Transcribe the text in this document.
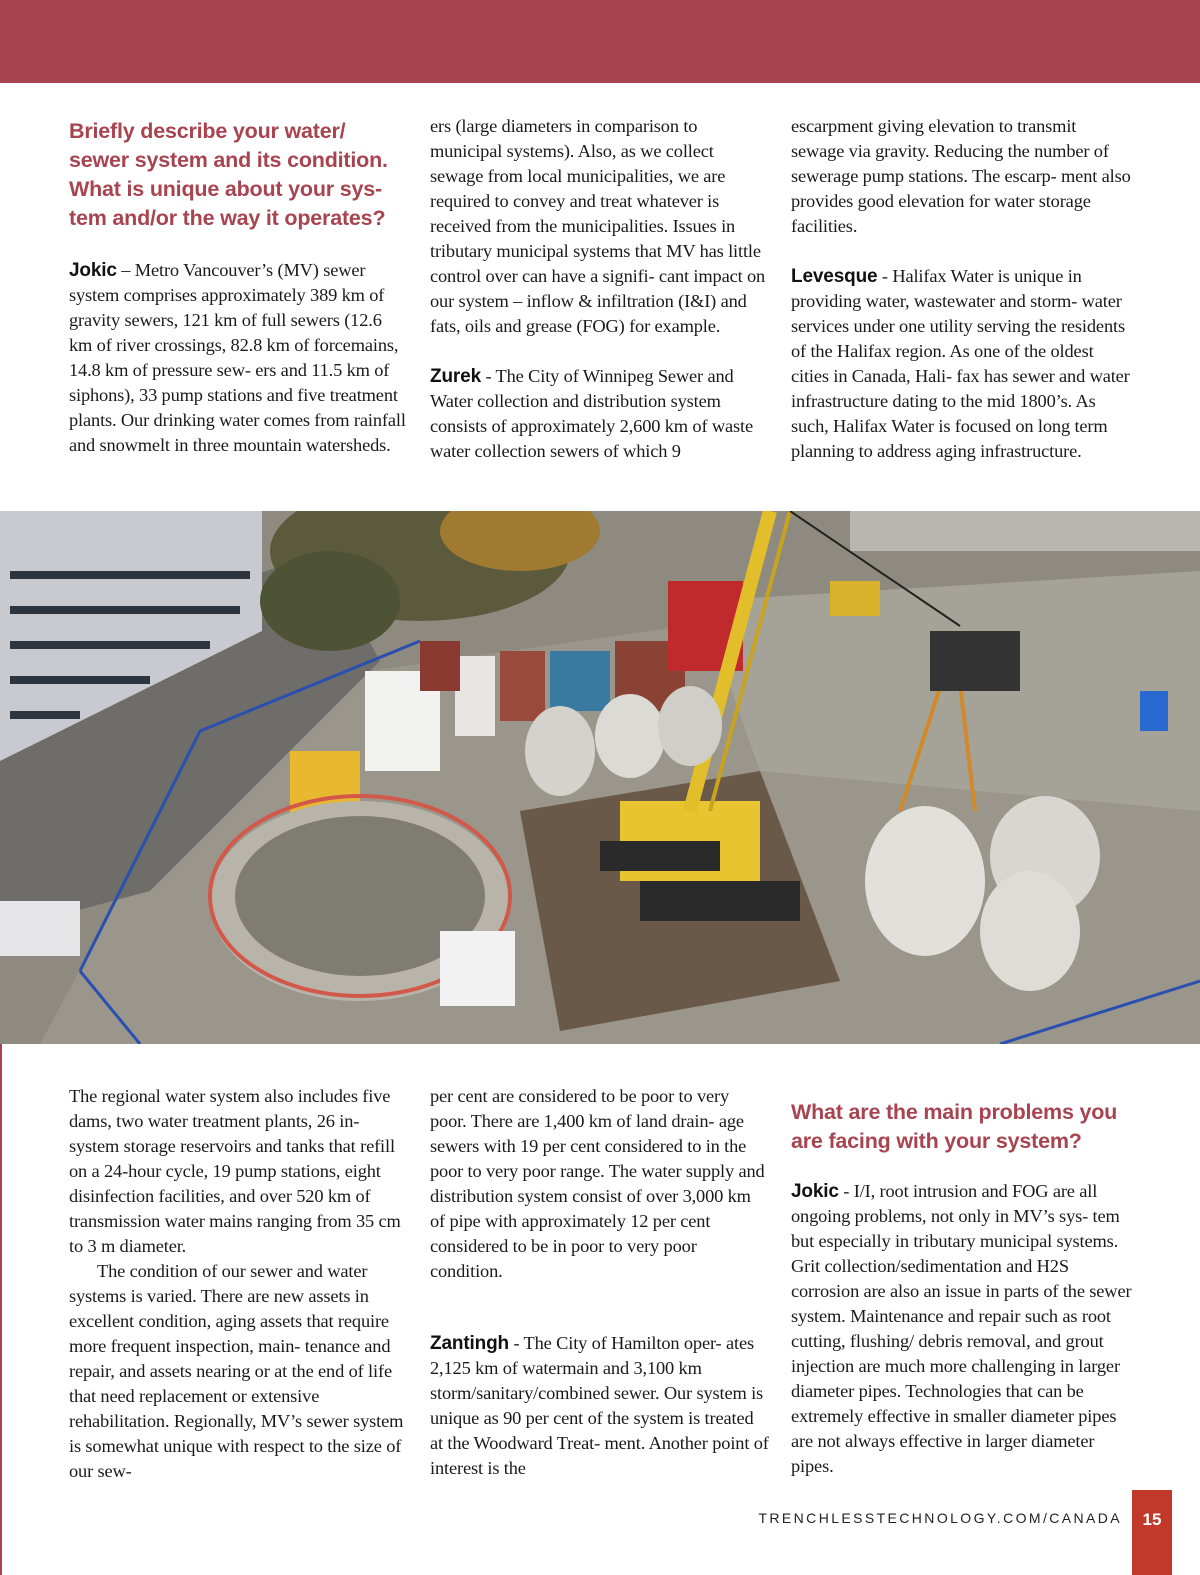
Briefly describe your water/ sewer system and its condition. What is unique about your sys- tem and/or the way it operates?

Jokic – Metro Vancouver’s (MV) sewer system comprises approximately 389 km of gravity sewers, 121 km of full sewers (12.6 km of river crossings, 82.8 km of forcemains, 14.8 km of pressure sew- ers and 11.5 km of siphons), 33 pump stations and five treatment plants. Our drinking water comes from rainfall and snowmelt in three mountain watersheds.

ers (large diameters in comparison to municipal systems). Also, as we collect sewage from local municipalities, we are required to convey and treat whatever is received from the municipalities. Issues in tributary municipal systems that MV has little control over can have a signifi- cant impact on our system – inflow & infiltration (I&I) and fats, oils and grease (FOG) for example.

Zurek - The City of Winnipeg Sewer and Water collection and distribution system consists of approximately 2,600 km of waste water collection sewers of which 9

escarpment giving elevation to transmit sewage via gravity. Reducing the number of sewerage pump stations. The escarp- ment also provides good elevation for water storage facilities.

Levesque - Halifax Water is unique in providing water, wastewater and storm- water services under one utility serving the residents of the Halifax region. As one of the oldest cities in Canada, Hali- fax has sewer and water infrastructure dating to the mid 1800’s. As such, Halifax Water is focused on long term planning to address aging infrastructure.

The regional water system also includes five dams, two water treatment plants, 26 in-system storage reservoirs and tanks that refill on a 24-hour cycle, 19 pump stations, eight disinfection facilities, and over 520 km of transmission water mains ranging from 35 cm to 3 m diameter.

The condition of our sewer and water systems is varied. There are new assets in excellent condition, aging assets that require more frequent inspection, main- tenance and repair, and assets nearing or at the end of life that need replacement or extensive rehabilitation. Regionally, MV’s sewer system is somewhat unique with respect to the size of our sew-

per cent are considered to be poor to very poor. There are 1,400 km of land drain- age sewers with 19 per cent considered to in the poor to very poor range. The water supply and distribution system consist of over 3,000 km of pipe with approximately 12 per cent considered to be in poor to very poor condition.

Zantingh - The City of Hamilton oper- ates 2,125 km of watermain and 3,100 km storm/sanitary/combined sewer. Our system is unique as 90 per cent of the system is treated at the Woodward Treat- ment. Another point of interest is the

What are the main problems you are facing with your system?

Jokic - I/I, root intrusion and FOG are all ongoing problems, not only in MV’s sys- tem but especially in tributary municipal systems. Grit collection/sedimentation and H2S corrosion are also an issue in parts of the sewer system. Maintenance and repair such as root cutting, flushing/ debris removal, and grout injection are much more challenging in larger diameter pipes. Technologies that can be extremely effective in smaller diameter pipes are not always effective in larger diameter pipes.

TRENCHLESSTECHNOLOGY.COM/CANADA	15
